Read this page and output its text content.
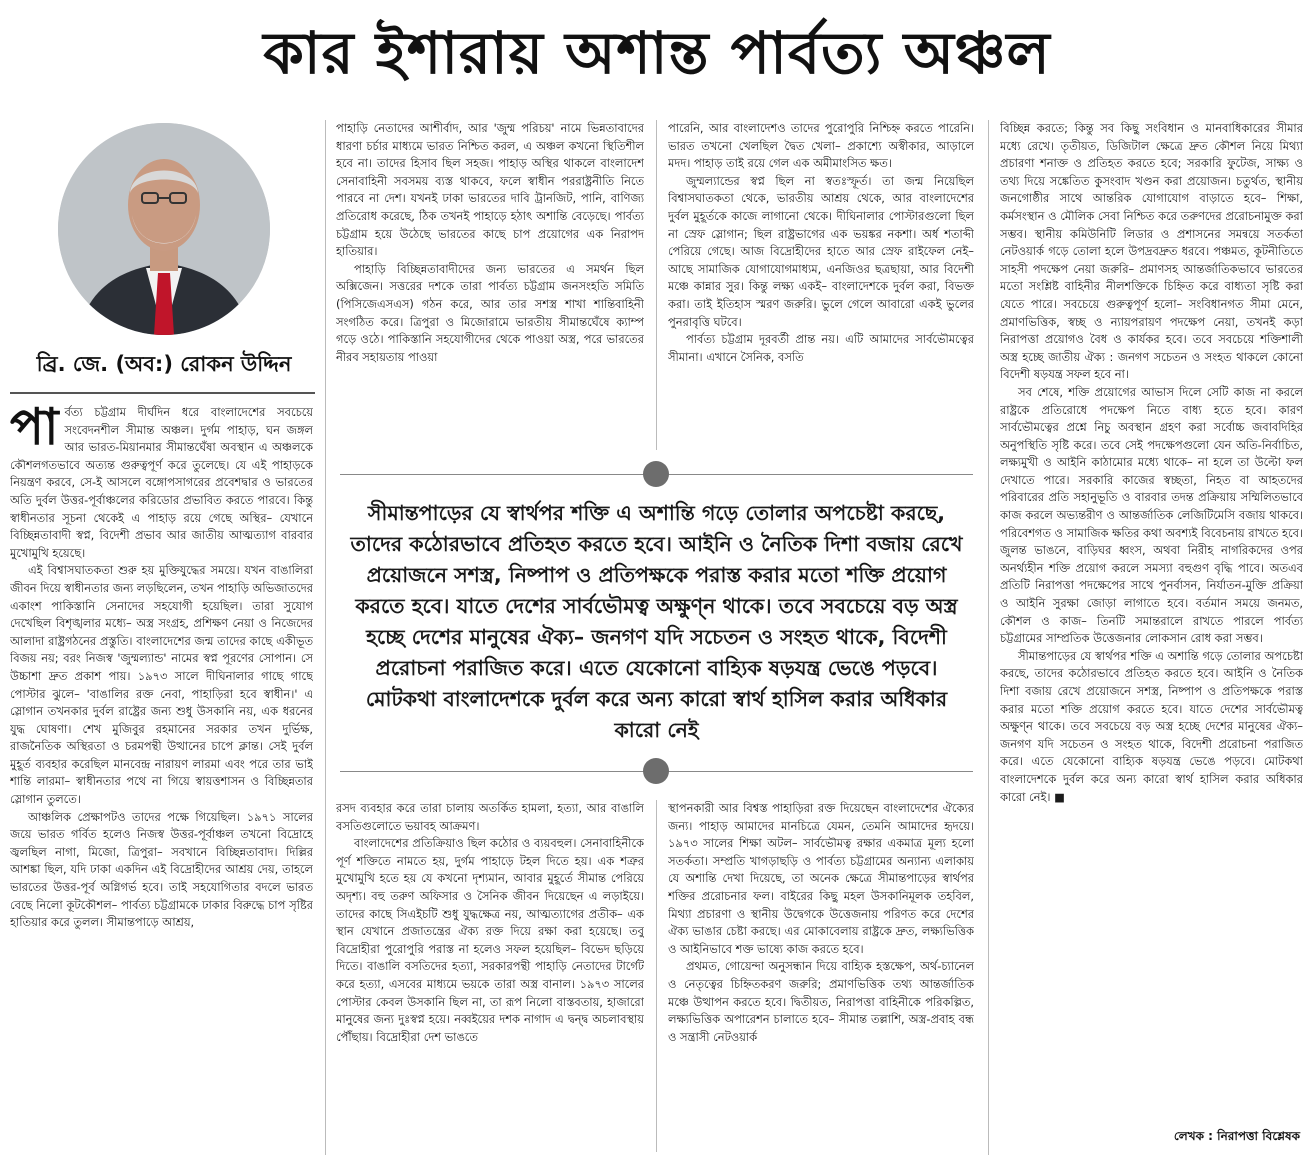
কার ইশারায় অশান্ত পার্বত্য অঞ্চল
ব্রি. জে. (অব:) রোকন উদ্দিন

পার্বত্য চট্টগ্রাম দীর্ঘদিন ধরে বাংলাদেশের সবচেয়ে সংবেদনশীল সীমান্ত অঞ্চল। দুর্গম পাহাড়, ঘন জঙ্গল আর ভারত-মিয়ানমার সীমান্তঘেঁষা অবস্থান এ অঞ্চলকে কৌশলগতভাবে অত্যন্ত গুরুত্বপূর্ণ করে তুলেছে। যে এই পাহাড়কে নিয়ন্ত্রণ করবে, সে-ই আসলে বঙ্গোপসাগরের প্রবেশদ্বার ও ভারতের অতি দুর্বল উত্তর-পূর্বাঞ্চলের করিডোর প্রভাবিত করতে পারবে। কিন্তু স্বাধীনতার সূচনা থেকেই এ পাহাড় রয়ে গেছে অস্থির– যেখানে বিচ্ছিন্নতাবাদী স্বপ্ন, বিদেশী প্রভাব আর জাতীয় আত্মত্যাগ বারবার মুখোমুখি হয়েছে।

এই বিশ্বাসঘাতকতা শুরু হয় মুক্তিযুদ্ধের সময়ে। যখন বাঙালিরা জীবন দিয়ে স্বাধীনতার জন্য লড়ছিলেন, তখন পাহাড়ি অভিজাতদের একাংশ পাকিস্তানি সেনাদের সহযোগী হয়েছিল। তারা সুযোগ দেখেছিল বিশৃঙ্খলার মধ্যে– অস্ত্র সংগ্রহ, প্রশিক্ষণ নেয়া ও নিজেদের আলাদা রাষ্ট্রগঠনের প্রস্তুতি। বাংলাদেশের জন্ম তাদের কাছে একীভূত বিজয় নয়; বরং নিজস্ব 'জুম্মল্যান্ড' নামের স্বপ্ন পূরণের সোপান। সে উচ্চাশা দ্রুত প্রকাশ পায়। ১৯৭৩ সালে দীঘিনালার গাছে গাছে পোস্টার ঝুলে– 'বাঙালির রক্ত নেবা, পাহাড়িরা হবে স্বাধীন।' এ স্লোগান তখনকার দুর্বল রাষ্ট্রের জন্য শুধু উসকানি নয়, এক ধরনের যুদ্ধ ঘোষণা। শেখ মুজিবুর রহমানের সরকার তখন দুর্ভিক্ষ, রাজনৈতিক অস্থিরতা ও চরমপন্থী উত্থানের চাপে ক্লান্ত। সেই দুর্বল মুহূর্ত ব্যবহার করেছিল মানবেন্দ্র নারায়ণ লারমা এবং পরে তার ভাই শান্তি লারমা– স্বাধীনতার পথে না গিয়ে স্বায়ত্তশাসন ও বিচ্ছিন্নতার স্লোগান তুলতে।

আঞ্চলিক প্রেক্ষাপটও তাদের পক্ষে গিয়েছিল। ১৯৭১ সালের জয়ে ভারত গর্বিত হলেও নিজস্ব উত্তর-পূর্বাঞ্চল তখনো বিদ্রোহে জ্বলছিল নাগা, মিজো, ত্রিপুরা– সবখানে বিচ্ছিন্নতাবাদ। দিল্লির আশঙ্কা ছিল, যদি ঢাকা একদিন এই বিদ্রোহীদের আশ্রয় দেয়, তাহলে ভারতের উত্তর-পূর্ব অগ্নিগর্ভ হবে। তাই সহযোগিতার বদলে ভারত বেছে নিলো কূটকৌশল– পার্বত্য চট্টগ্রামকে ঢাকার বিরুদ্ধে চাপ সৃষ্টির হাতিয়ার করে তুলল। সীমান্তপাড়ে আশ্রয়,

পাহাড়ি নেতাদের আশীর্বাদ, আর 'জুম্ম পরিচয়' নামে ভিন্নতাবাদের ধারণা চর্চার মাধ্যমে ভারত নিশ্চিত করল, এ অঞ্চল কখনো স্থিতিশীল হবে না। তাদের হিসাব ছিল সহজ। পাহাড় অস্থির থাকলে বাংলাদেশ সেনাবাহিনী সবসময় ব্যস্ত থাকবে, ফলে স্বাধীন পররাষ্ট্রনীতি নিতে পারবে না দেশ। যখনই ঢাকা ভারতের দাবি ট্রানজিট, পানি, বাণিজ্য প্রতিরোধ করেছে, ঠিক তখনই পাহাড়ে হঠাৎ অশান্তি বেড়েছে। পার্বত্য চট্টগ্রাম হয়ে উঠেছে ভারতের কাছে চাপ প্রয়োগের এক নিরাপদ হাতিয়ার।

পাহাড়ি বিচ্ছিন্নতাবাদীদের জন্য ভারতের এ সমর্থন ছিল অক্সিজেন। সত্তরের দশকে তারা পার্বত্য চট্টগ্রাম জনসংহতি সমিতি (পিসিজেএসএস) গঠন করে, আর তার সশস্ত্র শাখা শান্তিবাহিনী সংগঠিত করে। ত্রিপুরা ও মিজোরামে ভারতীয় সীমান্তঘেঁষে ক্যাম্প গড়ে ওঠে। পাকিস্তানি সহযোগীদের থেকে পাওয়া অস্ত্র, পরে ভারতের নীরব সহায়তায় পাওয়া

পারেনি, আর বাংলাদেশও তাদের পুরোপুরি নিশ্চিহ্ন করতে পারেনি। ভারত তখনো খেলছিল দ্বৈত খেলা– প্রকাশ্যে অস্বীকার, আড়ালে মদদ। পাহাড় তাই রয়ে গেল এক অমীমাংসিত ক্ষত।

জুম্মল্যান্ডের স্বপ্ন ছিল না স্বতঃস্ফূর্ত। তা জন্ম নিয়েছিল বিশ্বাসঘাতকতা থেকে, ভারতীয় আশ্রয় থেকে, আর বাংলাদেশের দুর্বল মুহূর্তকে কাজে লাগানো থেকে। দীঘিনালার পোস্টারগুলো ছিল না স্রেফ স্লোগান; ছিল রাষ্ট্রভাগের এক ভয়ঙ্কর নকশা। অর্ধ শতাব্দী পেরিয়ে গেছে। আজ বিদ্রোহীদের হাতে আর স্রেফ রাইফেল নেই– আছে সামাজিক যোগাযোগমাধ্যম, এনজিওর ছত্রছায়া, আর বিদেশী মঞ্চে কান্নার সুর। কিন্তু লক্ষ্য একই– বাংলাদেশকে দুর্বল করা, বিভক্ত করা। তাই ইতিহাস স্মরণ জরুরি। ভুলে গেলে আবারো একই ভুলের পুনরাবৃত্তি ঘটবে।

পার্বত্য চট্টগ্রাম দূরবর্তী প্রান্ত নয়। এটি আমাদের সার্বভৌমত্বের সীমানা। এখানে সৈনিক, বসতি

সীমান্তপাড়ের যে স্বার্থপর শক্তি এ অশান্তি গড়ে তোলার অপচেষ্টা করছে, তাদের কঠোরভাবে প্রতিহত করতে হবে। আইনি ও নৈতিক দিশা বজায় রেখে প্রয়োজনে সশস্ত্র, নিষ্পাপ ও প্রতিপক্ষকে পরাস্ত করার মতো শক্তি প্রয়োগ করতে হবে। যাতে দেশের সার্বভৌমত্ব অক্ষুণ্ন থাকে। তবে সবচেয়ে বড় অস্ত্র হচ্ছে দেশের মানুষের ঐক্য– জনগণ যদি সচেতন ও সংহত থাকে, বিদেশী প্ররোচনা পরাজিত করে। এতে যেকোনো বাহ্যিক ষড়যন্ত্র ভেঙে পড়বে। মোটকথা বাংলাদেশকে দুর্বল করে অন্য কারো স্বার্থ হাসিল করার অধিকার কারো নেই

রসদ ব্যবহার করে তারা চালায় অতর্কিত হামলা, হত্যা, আর বাঙালি বসতিগুলোতে ভয়াবহ আক্রমণ।

বাংলাদেশের প্রতিক্রিয়াও ছিল কঠোর ও ব্যয়বহুল। সেনাবাহিনীকে পূর্ণ শক্তিতে নামতে হয়, দুর্গম পাহাড়ে টহল দিতে হয়। এক শত্রুর মুখোমুখি হতে হয় যে কখনো দৃশ্যমান, আবার মুহূর্তে সীমান্ত পেরিয়ে অদৃশ্য। বহু তরুণ অফিসার ও সৈনিক জীবন দিয়েছেন এ লড়াইয়ে। তাদের কাছে সিএইচটি শুধু যুদ্ধক্ষেত্র নয়, আত্মত্যাগের প্রতীক– এক স্থান যেখানে প্রজাতন্ত্রের ঐক্য রক্ত দিয়ে রক্ষা করা হয়েছে। তবু বিদ্রোহীরা পুরোপুরি পরাস্ত না হলেও সফল হয়েছিল– বিভেদ ছড়িয়ে দিতে। বাঙালি বসতিদের হত্যা, সরকারপন্থী পাহাড়ি নেতাদের টার্গেট করে হত্যা, এসবের মাধ্যমে ভয়কে তারা অস্ত্র বানাল। ১৯৭৩ সালের পোস্টার কেবল উসকানি ছিল না, তা রূপ নিলো বাস্তবতায়, হাজারো মানুষের জন্য দুঃস্বপ্ন হয়ে। নব্বইয়ের দশক নাগাদ এ দ্বন্দ্ব অচলাবস্থায় পৌঁছায়। বিদ্রোহীরা দেশ ভাঙতে

স্থাপনকারী আর বিশ্বস্ত পাহাড়িরা রক্ত দিয়েছেন বাংলাদেশের ঐক্যের জন্য। পাহাড় আমাদের মানচিত্রে যেমন, তেমনি আমাদের হৃদয়ে। ১৯৭৩ সালের শিক্ষা অটল– সার্বভৌমত্ব রক্ষার একমাত্র মূল্য হলো সতর্কতা। সম্প্রতি খাগড়াছড়ি ও পার্বত্য চট্টগ্রামের অন্যান্য এলাকায় যে অশান্তি দেখা দিয়েছে, তা অনেক ক্ষেত্রে সীমান্তপাড়ের স্বার্থপর শক্তির প্ররোচনার ফল। বাইরের কিছু মহল উসকানিমূলক তহবিল, মিথ্যা প্রচারণা ও স্থানীয় উদ্বেগকে উত্তেজনায় পরিণত করে দেশের ঐক্য ভাঙার চেষ্টা করছে। এর মোকাবেলায় রাষ্ট্রকে দ্রুত, লক্ষ্যভিত্তিক ও আইনিভাবে শক্ত ভাষ্যে কাজ করতে হবে।

প্রথমত, গোয়েন্দা অনুসন্ধান দিয়ে বাহ্যিক হস্তক্ষেপ, অর্থ-চ্যানেল ও নেতৃত্বের চিহ্নিতকরণ জরুরি; প্রমাণভিত্তিক তথ্য আন্তর্জাতিক মঞ্চে উত্থাপন করতে হবে। দ্বিতীয়ত, নিরাপত্তা বাহিনীকে পরিকল্পিত, লক্ষ্যভিত্তিক অপারেশন চালাতে হবে– সীমান্ত তল্লাশি, অস্ত্র-প্রবাহ বন্ধ ও সন্ত্রাসী নেটওয়ার্ক

বিচ্ছিন্ন করতে; কিন্তু সব কিছু সংবিধান ও মানবাধিকারের সীমার মধ্যে রেখে। তৃতীয়ত, ডিজিটাল ক্ষেত্রে দ্রুত কৌশল নিয়ে মিথ্যা প্রচারণা শনাক্ত ও প্রতিহত করতে হবে; সরকারি ফুটেজ, সাক্ষ্য ও তথ্য দিয়ে সঙ্কেতিত কুসংবাদ খণ্ডন করা প্রয়োজন। চতুর্থত, স্থানীয় জনগোষ্ঠীর সাথে আন্তরিক যোগাযোগ বাড়াতে হবে– শিক্ষা, কর্মসংস্থান ও মৌলিক সেবা নিশ্চিত করে তরুণদের প্ররোচনামুক্ত করা সম্ভব। স্থানীয় কমিউনিটি লিডার ও প্রশাসনের সমন্বয়ে সতর্কতা নেটওয়ার্ক গড়ে তোলা হলে উপদ্রবদ্রুত ধরবে। পঞ্চমত, কূটনীতিতে সাহসী পদক্ষেপ নেয়া জরুরি– প্রমাণসহ আন্তর্জাতিকভাবে ভারতের মতো সংশ্লিষ্ট বাহিনীর নীলশক্তিকে চিহ্নিত করে বাধ্যতা সৃষ্টি করা যেতে পারে। সবচেয়ে গুরুত্বপূর্ণ হলো– সংবিধানগত সীমা মেনে, প্রমাণভিত্তিক, স্বচ্ছ ও ন্যায়পরায়ণ পদক্ষেপ নেয়া, তখনই কড়া নিরাপত্তা প্রয়োগও বৈধ ও কার্যকর হবে। তবে সবচেয়ে শক্তিশালী অস্ত্র হচ্ছে জাতীয় ঐক্য : জনগণ সচেতন ও সংহত থাকলে কোনো বিদেশী ষড়যন্ত্র সফল হবে না।

সব শেষে, শক্তি প্রয়োগের আভাস দিলে সেটি কাজ না করলে রাষ্ট্রকে প্রতিরোধে পদক্ষেপ নিতে বাধ্য হতে হবে। কারণ সার্বভৌমত্বের প্রশ্নে নিচু অবস্থান গ্রহণ করা সর্বোচ্চ জবাবদিহির অনুপস্থিতি সৃষ্টি করে। তবে সেই পদক্ষেপগুলো যেন অতি-নির্বাচিত, লক্ষ্যমুখী ও আইনি কাঠামোর মধ্যে থাকে– না হলে তা উল্টো ফল দেখাতে পারে। সরকারি কাজের স্বচ্ছতা, নিহত বা আহতদের পরিবারের প্রতি সহানুভূতি ও বারবার তদন্ত প্রক্রিয়ায় সম্মিলিতভাবে কাজ করলে অভ্যন্তরীণ ও আন্তর্জাতিক লেজিটিমেসি বজায় থাকবে। পরিবেশগত ও সামাজিক ক্ষতির কথা অবশ্যই বিবেচনায় রাখতে হবে। জুলন্ত ভাঙনে, বাড়িঘর ধ্বংস, অথবা নিরীহ নাগরিকদের ওপর অনর্থ্যহীন শক্তি প্রয়োগ করলে সমস্যা বহুগুণ বৃদ্ধি পাবে। অতএব প্রতিটি নিরাপত্তা পদক্ষেপের সাথে পুনর্বাসন, নির্যাতন-মুক্তি প্রক্রিয়া ও আইনি সুরক্ষা জোড়া লাগাতে হবে। বর্তমান সময়ে জনমত, কৌশল ও কাজ– তিনটি সমান্তরালে রাখতে পারলে পার্বত্য চট্টগ্রামের সাম্প্রতিক উত্তেজনার লোকসান রোধ করা সম্ভব।

সীমান্তপাড়ের যে স্বার্থপর শক্তি এ অশান্তি গড়ে তোলার অপচেষ্টা করছে, তাদের কঠোরভাবে প্রতিহত করতে হবে। আইনি ও নৈতিক দিশা বজায় রেখে প্রয়োজনে সশস্ত্র, নিষ্পাপ ও প্রতিপক্ষকে পরাস্ত করার মতো শক্তি প্রয়োগ করতে হবে। যাতে দেশের সার্বভৌমত্ব অক্ষুণ্ন থাকে। তবে সবচেয়ে বড় অস্ত্র হচ্ছে দেশের মানুষের ঐক্য– জনগণ যদি সচেতন ও সংহত থাকে, বিদেশী প্ররোচনা পরাজিত করে। এতে যেকোনো বাহ্যিক ষড়যন্ত্র ভেঙে পড়বে। মোটকথা বাংলাদেশকে দুর্বল করে অন্য কারো স্বার্থ হাসিল করার অধিকার কারো নেই। ■

লেখক : নিরাপত্তা বিশ্লেষক
